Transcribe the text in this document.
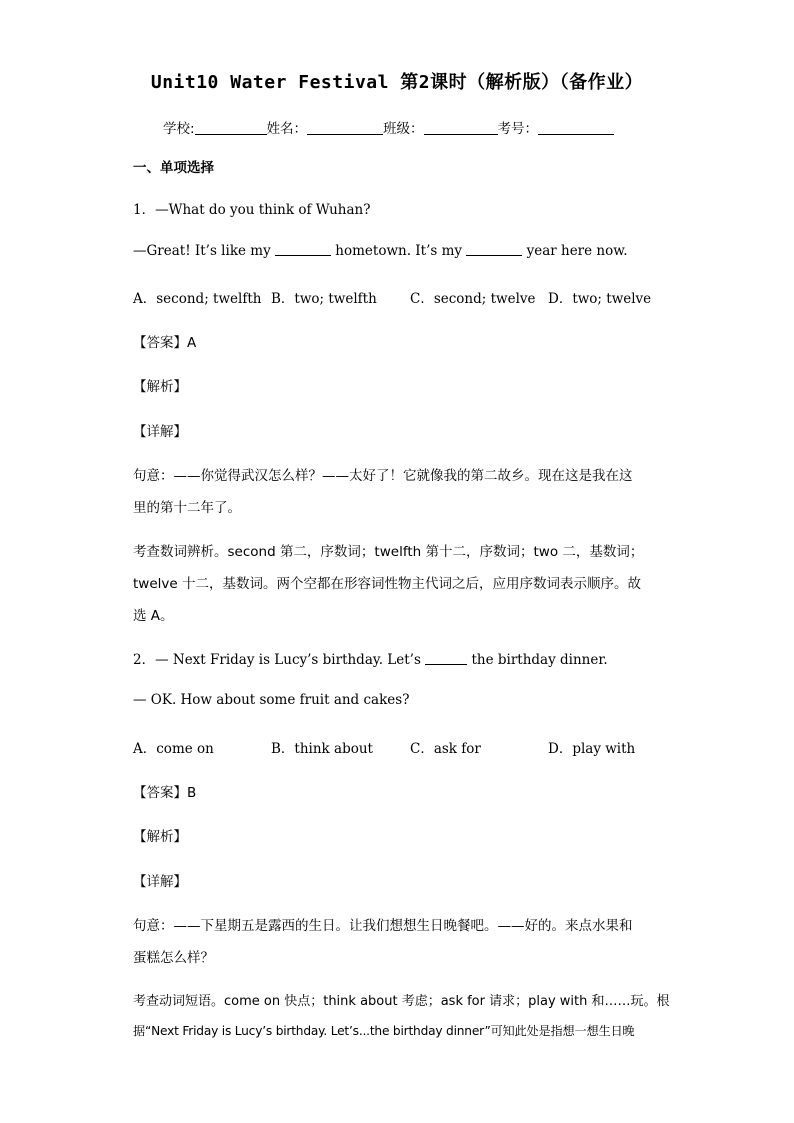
Unit10 Water Festival 第2课时（解析版）（备作业）
学校:	姓名：	班级：	考号：
一、单项选择
1．—What do you think of Wuhan?
—Great! It’s like my	hometown. It’s my	year here now.
A．second; twelfth B．two; twelfth C．second; twelve D．two; twelve
【答案】A
【解析】
【详解】
句意：——你觉得武汉怎么样？——太好了！它就像我的第二故乡。现在这是我在这
里的第十二年了。
考查数词辨析。second 第二，序数词；twelfth 第十二，序数词；two 二，基数词；
twelve 十二，基数词。两个空都在形容词性物主代词之后，应用序数词表示顺序。故
选 A。
2．— Next Friday is Lucy’s birthday. Let’s	the birthday dinner.
— OK. How about some fruit and cakes?
A．come on	B．think about	C．ask for	D．play with
【答案】B
【解析】
【详解】
句意：——下星期五是露西的生日。让我们想想生日晚餐吧。——好的。来点水果和
蛋糕怎么样？
考查动词短语。come on 快点；think about 考虑；ask for 请求；play with 和……玩。根
据“Next Friday is Lucy’s birthday. Let’s...the birthday dinner”可知此处是指想一想生日晚
